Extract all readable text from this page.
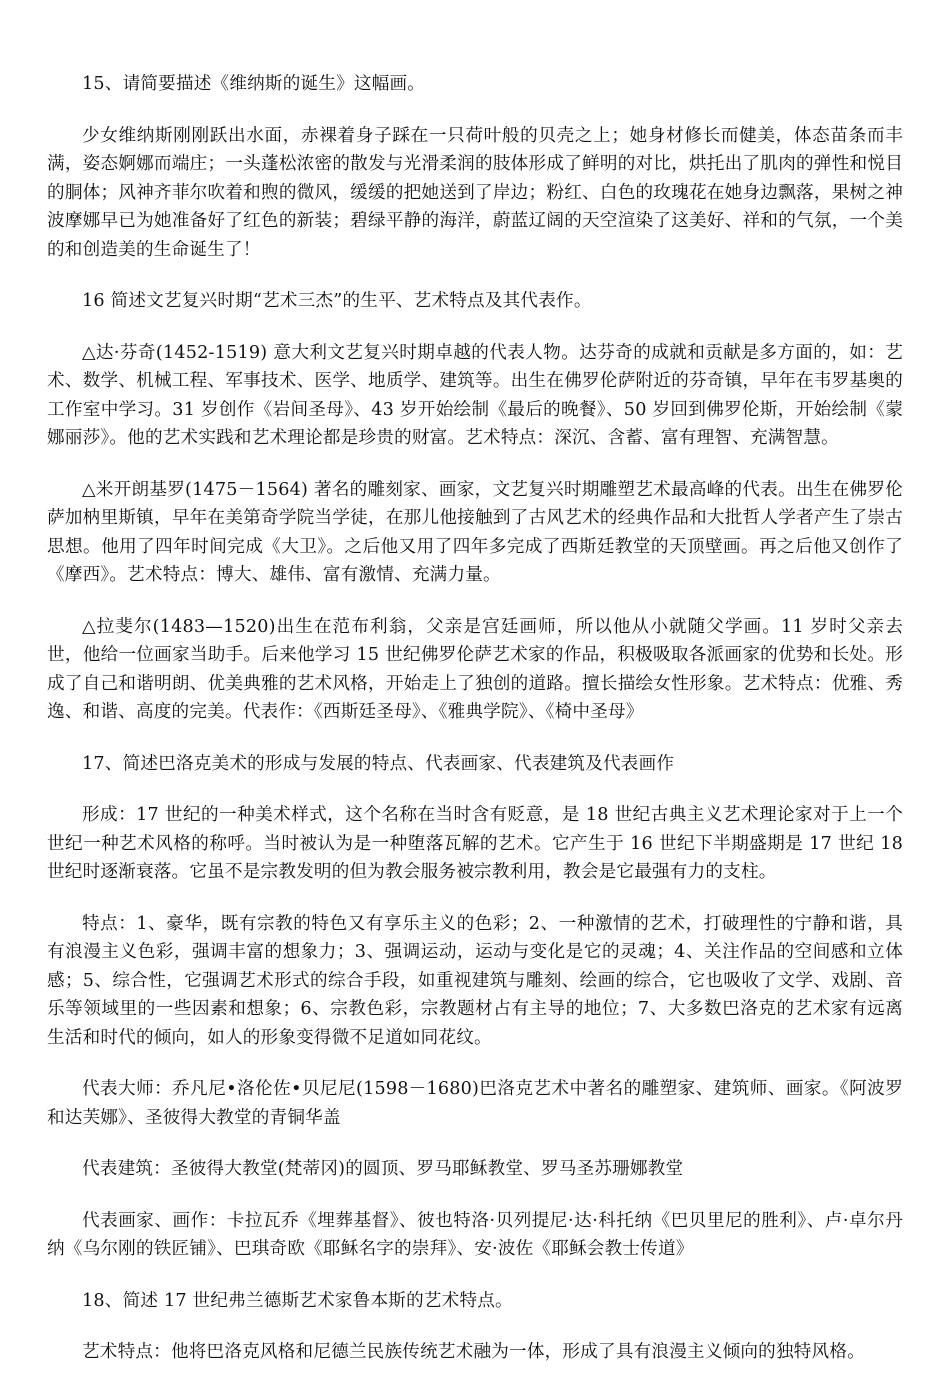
15、请简要描述《维纳斯的诞生》这幅画。

少女维纳斯刚刚跃出水面，赤裸着身子踩在一只荷叶般的贝壳之上；她身材修长而健美，体态苗条而丰满，姿态婀娜而端庄；一头蓬松浓密的散发与光滑柔润的肢体形成了鲜明的对比，烘托出了肌肉的弹性和悦目的胴体；风神齐菲尔吹着和煦的微风，缓缓的把她送到了岸边；粉红、白色的玫瑰花在她身边飘落，果树之神波摩娜早已为她准备好了红色的新装；碧绿平静的海洋，蔚蓝辽阔的天空渲染了这美好、祥和的气氛，一个美的和创造美的生命诞生了！

16 简述文艺复兴时期“艺术三杰”的生平、艺术特点及其代表作。

△达·芬奇(1452-1519) 意大利文艺复兴时期卓越的代表人物。达芬奇的成就和贡献是多方面的，如：艺术、数学、机械工程、军事技术、医学、地质学、建筑等。出生在佛罗伦萨附近的芬奇镇，早年在韦罗基奥的工作室中学习。31 岁创作《岩间圣母》、43 岁开始绘制《最后的晚餐》、50 岁回到佛罗伦斯，开始绘制《蒙娜丽莎》。他的艺术实践和艺术理论都是珍贵的财富。艺术特点：深沉、含蓄、富有理智、充满智慧。

△米开朗基罗(1475－1564) 著名的雕刻家、画家，文艺复兴时期雕塑艺术最高峰的代表。出生在佛罗伦萨加枘里斯镇，早年在美第奇学院当学徒，在那儿他接触到了古风艺术的经典作品和大批哲人学者产生了崇古思想。他用了四年时间完成《大卫》。之后他又用了四年多完成了西斯廷教堂的天顶壁画。再之后他又创作了《摩西》。艺术特点：博大、雄伟、富有激情、充满力量。

△拉斐尔(1483—1520)出生在范布利翁，父亲是宫廷画师，所以他从小就随父学画。11 岁时父亲去世，他给一位画家当助手。后来他学习 15 世纪佛罗伦萨艺术家的作品，积极吸取各派画家的优势和长处。形成了自己和谐明朗、优美典雅的艺术风格，开始走上了独创的道路。擅长描绘女性形象。艺术特点：优雅、秀逸、和谐、高度的完美。代表作：《西斯廷圣母》、《雅典学院》、《椅中圣母》

17、简述巴洛克美术的形成与发展的特点、代表画家、代表建筑及代表画作

形成：17 世纪的一种美术样式，这个名称在当时含有贬意，是 18 世纪古典主义艺术理论家对于上一个世纪一种艺术风格的称呼。当时被认为是一种堕落瓦解的艺术。它产生于 16 世纪下半期盛期是 17 世纪 18 世纪时逐渐衰落。它虽不是宗教发明的但为教会服务被宗教利用，教会是它最强有力的支柱。

特点：1、豪华，既有宗教的特色又有享乐主义的色彩；2、一种激情的艺术，打破理性的宁静和谐，具有浪漫主义色彩，强调丰富的想象力；3、强调运动，运动与变化是它的灵魂；4、关注作品的空间感和立体感；5、综合性，它强调艺术形式的综合手段，如重视建筑与雕刻、绘画的综合，它也吸收了文学、戏剧、音乐等领域里的一些因素和想象；6、宗教色彩，宗教题材占有主导的地位；7、大多数巴洛克的艺术家有远离生活和时代的倾向，如人的形象变得微不足道如同花纹。

代表大师：乔凡尼•洛伦佐•贝尼尼(1598－1680)巴洛克艺术中著名的雕塑家、建筑师、画家。《阿波罗和达芙娜》、圣彼得大教堂的青铜华盖

代表建筑：圣彼得大教堂(梵蒂冈)的圆顶、罗马耶稣教堂、罗马圣苏珊娜教堂

代表画家、画作：卡拉瓦乔《埋葬基督》、彼也特洛·贝列提尼·达·科托纳《巴贝里尼的胜利》、卢·卓尔丹纳《乌尔刚的铁匠铺》、巴琪奇欧《耶稣名字的崇拜》、安·波佐《耶稣会教士传道》

18、简述 17 世纪弗兰德斯艺术家鲁本斯的艺术特点。

艺术特点：他将巴洛克风格和尼德兰民族传统艺术融为一体，形成了具有浪漫主义倾向的独特风格。
